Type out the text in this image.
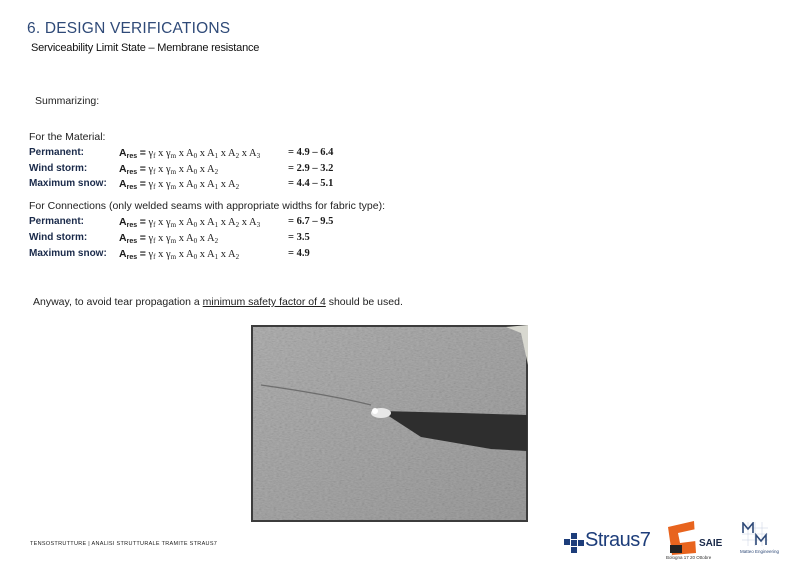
6. DESIGN VERIFICATIONS
Serviceability Limit State – Membrane resistance
Summarizing:
For the Material:
Permanent:	$A_{res} = \gamma_f$ x $\gamma_m$ x $A_0$ x $A_1$ x $A_2$ x $A_3$	= 4.9 – 6.4
Wind storm:	$A_{res} = \gamma_f$ x $\gamma_m$ x $A_0$ x $A_2$	= 2.9 – 3.2
Maximum snow: $A_{res} = \gamma_f$ x $\gamma_m$ x $A_0$ x $A_1$ x $A_2$	= 4.4 – 5.1
For Connections (only welded seams with appropriate widths for fabric type):
Permanent:	$A_{res} = \gamma_f$ x $\gamma_m$ x $A_0$ x $A_1$ x $A_2$ x $A_3$	= 6.7 – 9.5
Wind storm:	$A_{res} = \gamma_f$ x $\gamma_m$ x $A_0$ x $A_2$	= 3.5
Maximum snow: $A_{res} = \gamma_f$ x $\gamma_m$ x $A_0$ x $A_1$ x $A_2$	= 4.9
Anyway, to avoid tear propagation a minimum safety factor of 4 should be used.
TENSOSTRUTTURE | ANALISI STRUTTURALE TRAMITE STRAUS7	Straus7	SAIE
Bologna 17 20 Ottobre
Matteo Engineering
